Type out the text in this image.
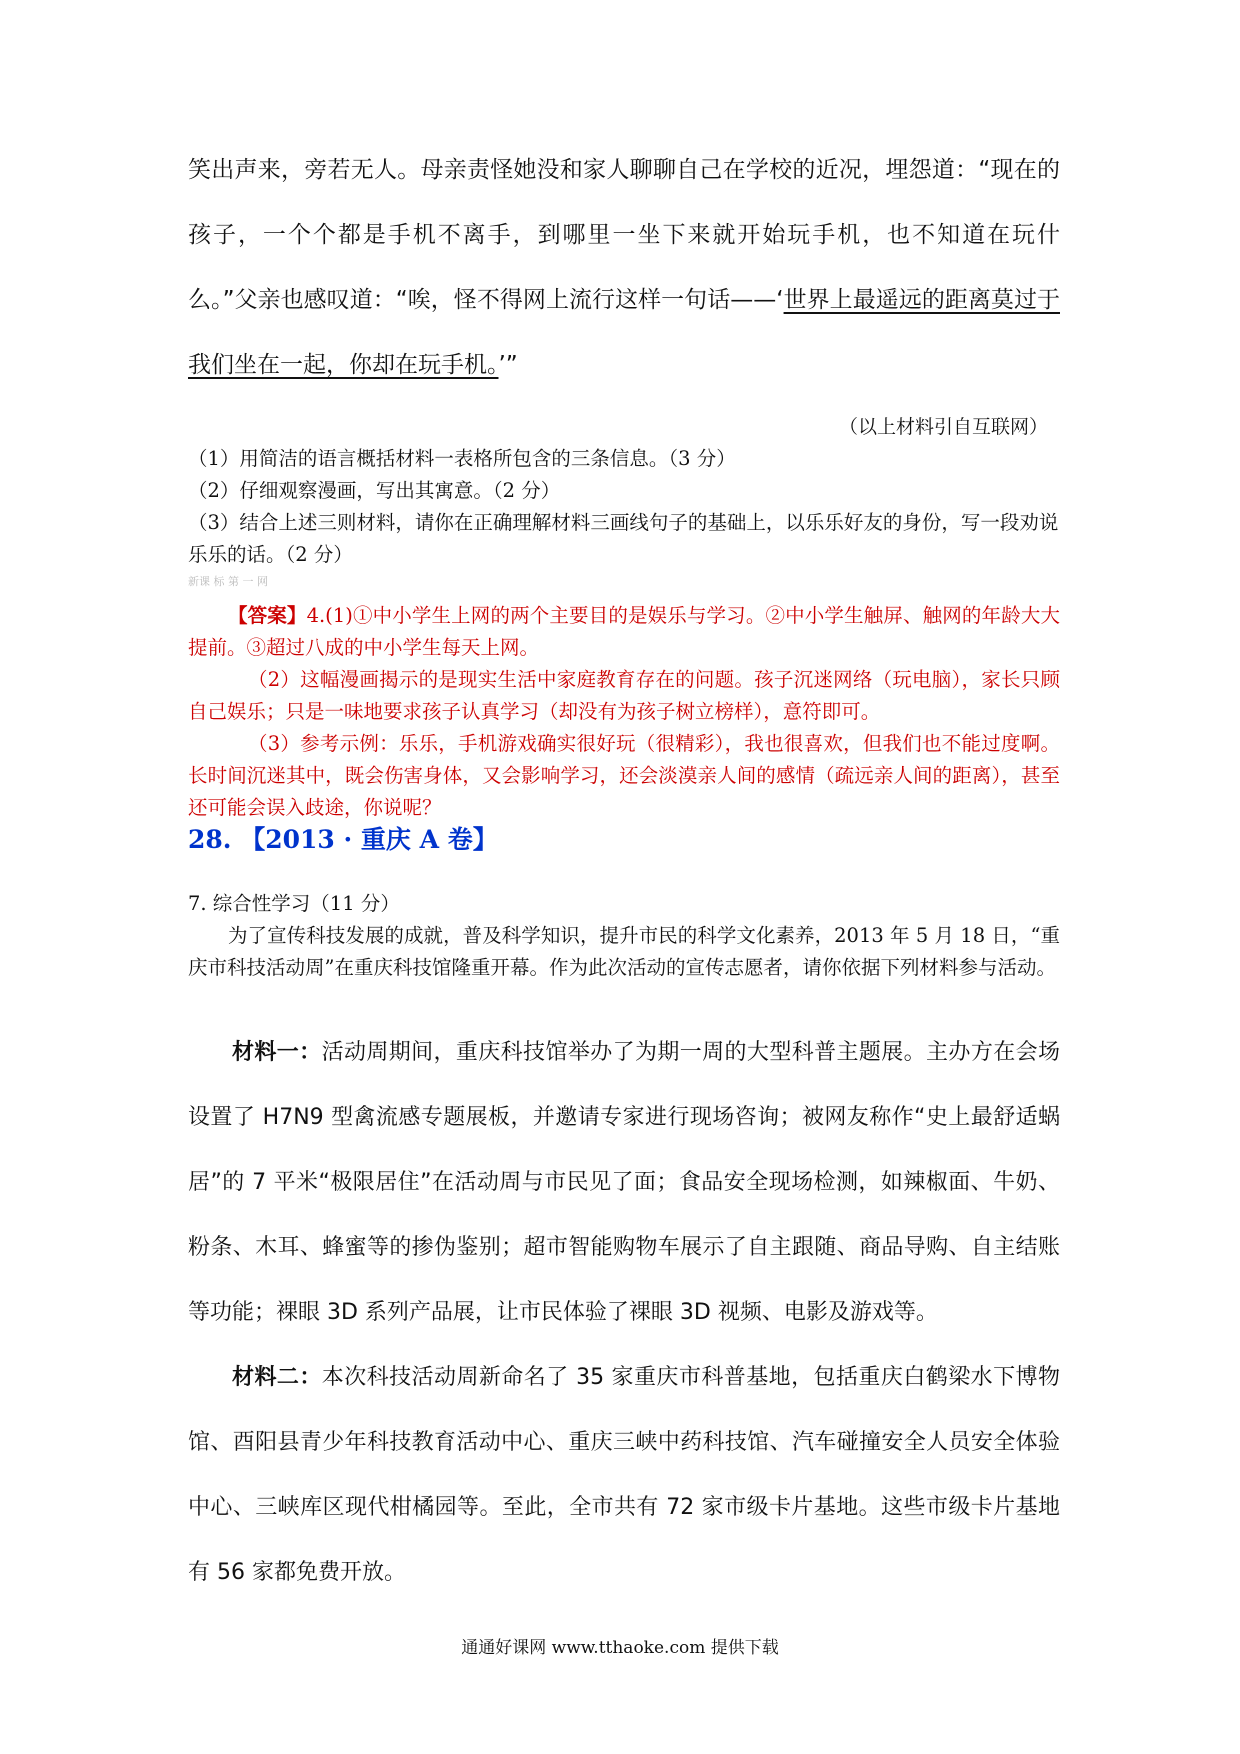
笑出声来，旁若无人。母亲责怪她没和家人聊聊自己在学校的近况，埋怨道：“现在的孩子，一个个都是手机不离手，到哪里一坐下来就开始玩手机，也不知道在玩什么。”父亲也感叹道：“唉，怪不得网上流行这样一句话——‘世界上最遥远的距离莫过于我们坐在一起，你却在玩手机。’”

（以上材料引自互联网）

（1）用简洁的语言概括材料一表格所包含的三条信息。（3 分）

（2）仔细观察漫画，写出其寓意。（2 分）

（3）结合上述三则材料，请你在正确理解材料三画线句子的基础上，以乐乐好友的身份，写一段劝说乐乐的话。（2 分）

新课 标 第 一 网

【答案】4.(1)①中小学生上网的两个主要目的是娱乐与学习。②中小学生触屏、触网的年龄大大提前。③超过八成的中小学生每天上网。

（2）这幅漫画揭示的是现实生活中家庭教育存在的问题。孩子沉迷网络（玩电脑），家长只顾自己娱乐；只是一味地要求孩子认真学习（却没有为孩子树立榜样），意符即可。

（3）参考示例：乐乐，手机游戏确实很好玩（很精彩），我也很喜欢，但我们也不能过度啊。长时间沉迷其中，既会伤害身体，又会影响学习，还会淡漠亲人间的感情（疏远亲人间的距离），甚至还可能会误入歧途，你说呢？

28. 【2013 · 重庆 A 卷】

7. 综合性学习（11 分）

为了宣传科技发展的成就，普及科学知识，提升市民的科学文化素养，2013 年 5 月 18 日，“重庆市科技活动周”在重庆科技馆隆重开幕。作为此次活动的宣传志愿者，请你依据下列材料参与活动。

材料一：活动周期间，重庆科技馆举办了为期一周的大型科普主题展。主办方在会场设置了 H7N9 型禽流感专题展板，并邀请专家进行现场咨询；被网友称作“史上最舒适蜗居”的 7 平米“极限居住”在活动周与市民见了面；食品安全现场检测，如辣椒面、牛奶、粉条、木耳、蜂蜜等的掺伪鉴别；超市智能购物车展示了自主跟随、商品导购、自主结账等功能；裸眼 3D 系列产品展，让市民体验了裸眼 3D 视频、电影及游戏等。

材料二：本次科技活动周新命名了 35 家重庆市科普基地，包括重庆白鹤梁水下博物馆、酉阳县青少年科技教育活动中心、重庆三峡中药科技馆、汽车碰撞安全人员安全体验中心、三峡库区现代柑橘园等。至此，全市共有 72 家市级卡片基地。这些市级卡片基地有 56 家都免费开放。

通通好课网 www.tthaoke.com 提供下载
